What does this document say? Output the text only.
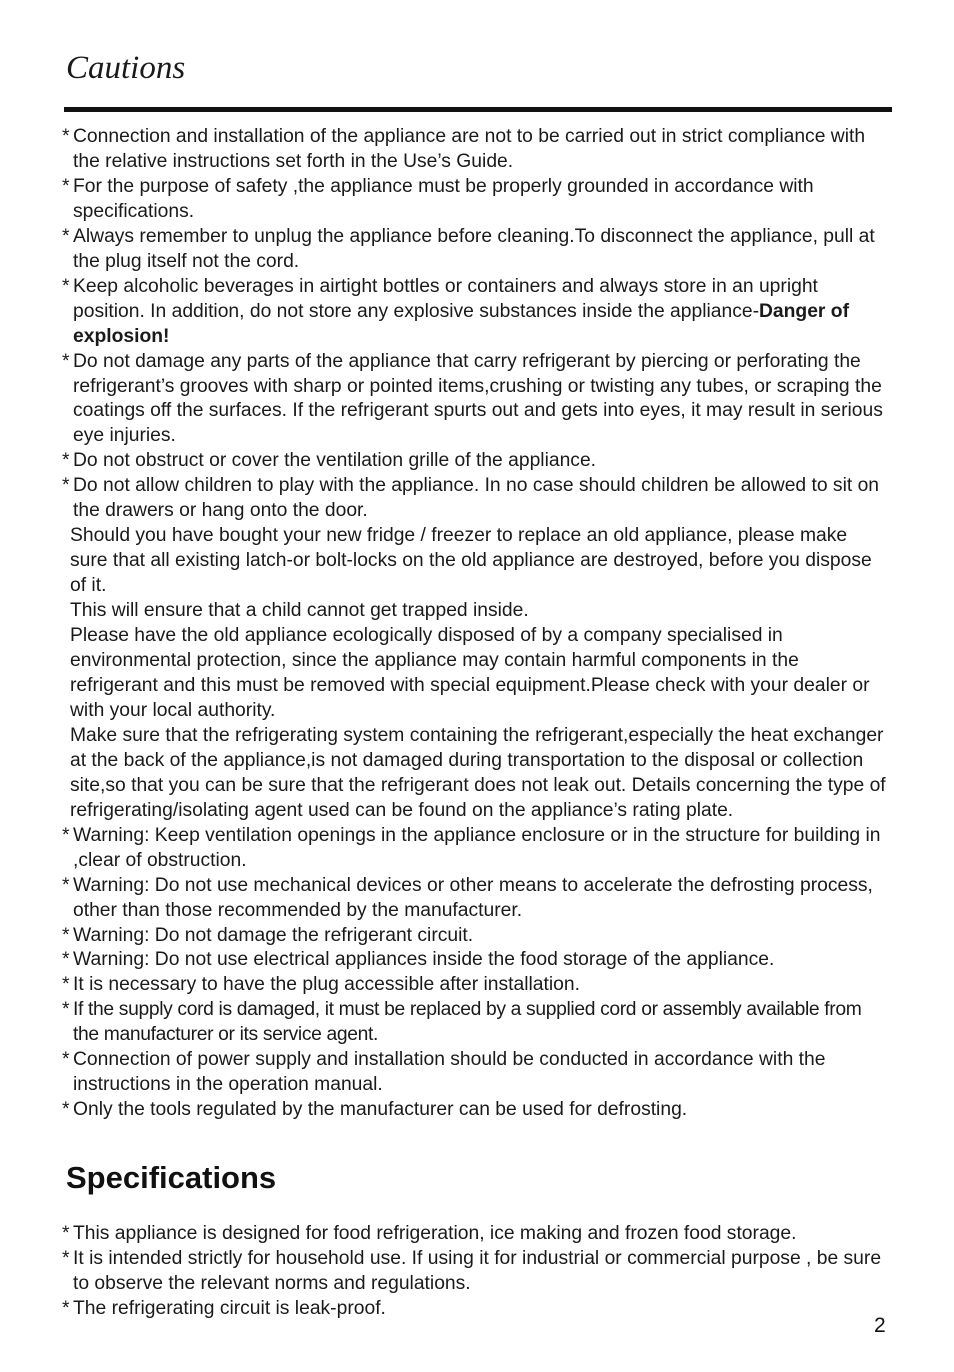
Cautions
* Connection and installation of the appliance are not to be carried out in strict compliance with the relative instructions set forth in the Use’s Guide.
* For the purpose of safety ,the appliance must be properly grounded in accordance with specifications.
* Always remember to unplug the appliance before cleaning.To disconnect the appliance, pull at the plug itself not the cord.
* Keep alcoholic beverages in airtight bottles or containers and always store in an upright position. In addition, do not store any explosive substances inside the appliance-Danger of explosion!
* Do not damage any parts of the appliance that carry refrigerant by piercing or perforating the refrigerant’s grooves with sharp or pointed items,crushing or twisting any tubes, or scraping the coatings off the surfaces. If the refrigerant spurts out and gets into eyes, it may result in serious eye injuries.
* Do not obstruct or cover the ventilation grille of the appliance.
* Do not allow children to play with the appliance. In no case should children be allowed to sit on the drawers or hang onto the door.
Should you have bought your new fridge / freezer to replace an old appliance, please make sure that all existing latch-or bolt-locks on the old appliance are destroyed, before you dispose of it.
This will ensure that a child cannot get trapped inside.
Please have the old appliance ecologically disposed of by a company specialised in environmental protection, since the appliance may contain harmful components in the refrigerant and this must be removed with special equipment.Please check with your dealer or with your local authority.
Make sure that the refrigerating system containing the refrigerant,especially the heat exchanger at the back of the appliance,is not damaged during transportation to the disposal or collection site,so that you can be sure that the refrigerant does not leak out. Details concerning the type of refrigerating/isolating agent used can be found on the appliance’s rating plate.
* Warning: Keep ventilation openings in the appliance enclosure or in the structure for building in ,clear of obstruction.
* Warning: Do not use mechanical devices or other means to accelerate the defrosting process, other than those recommended by the manufacturer.
* Warning: Do not damage the refrigerant circuit.
* Warning: Do not use electrical appliances inside the food storage of the appliance.
* It is necessary to have the plug accessible after installation.
* If the supply cord is damaged, it must be replaced by a supplied cord or assembly available from the manufacturer or its service agent.
* Connection of power supply and installation should be conducted in accordance with the instructions in the operation manual.
* Only the tools regulated by the manufacturer can be used for defrosting.
Specifications
* This appliance is designed for food refrigeration, ice making and frozen food storage.
* It is intended strictly for household use. If using it for industrial or commercial purpose , be sure to observe the relevant norms and regulations.
* The refrigerating circuit is leak-proof.
2
